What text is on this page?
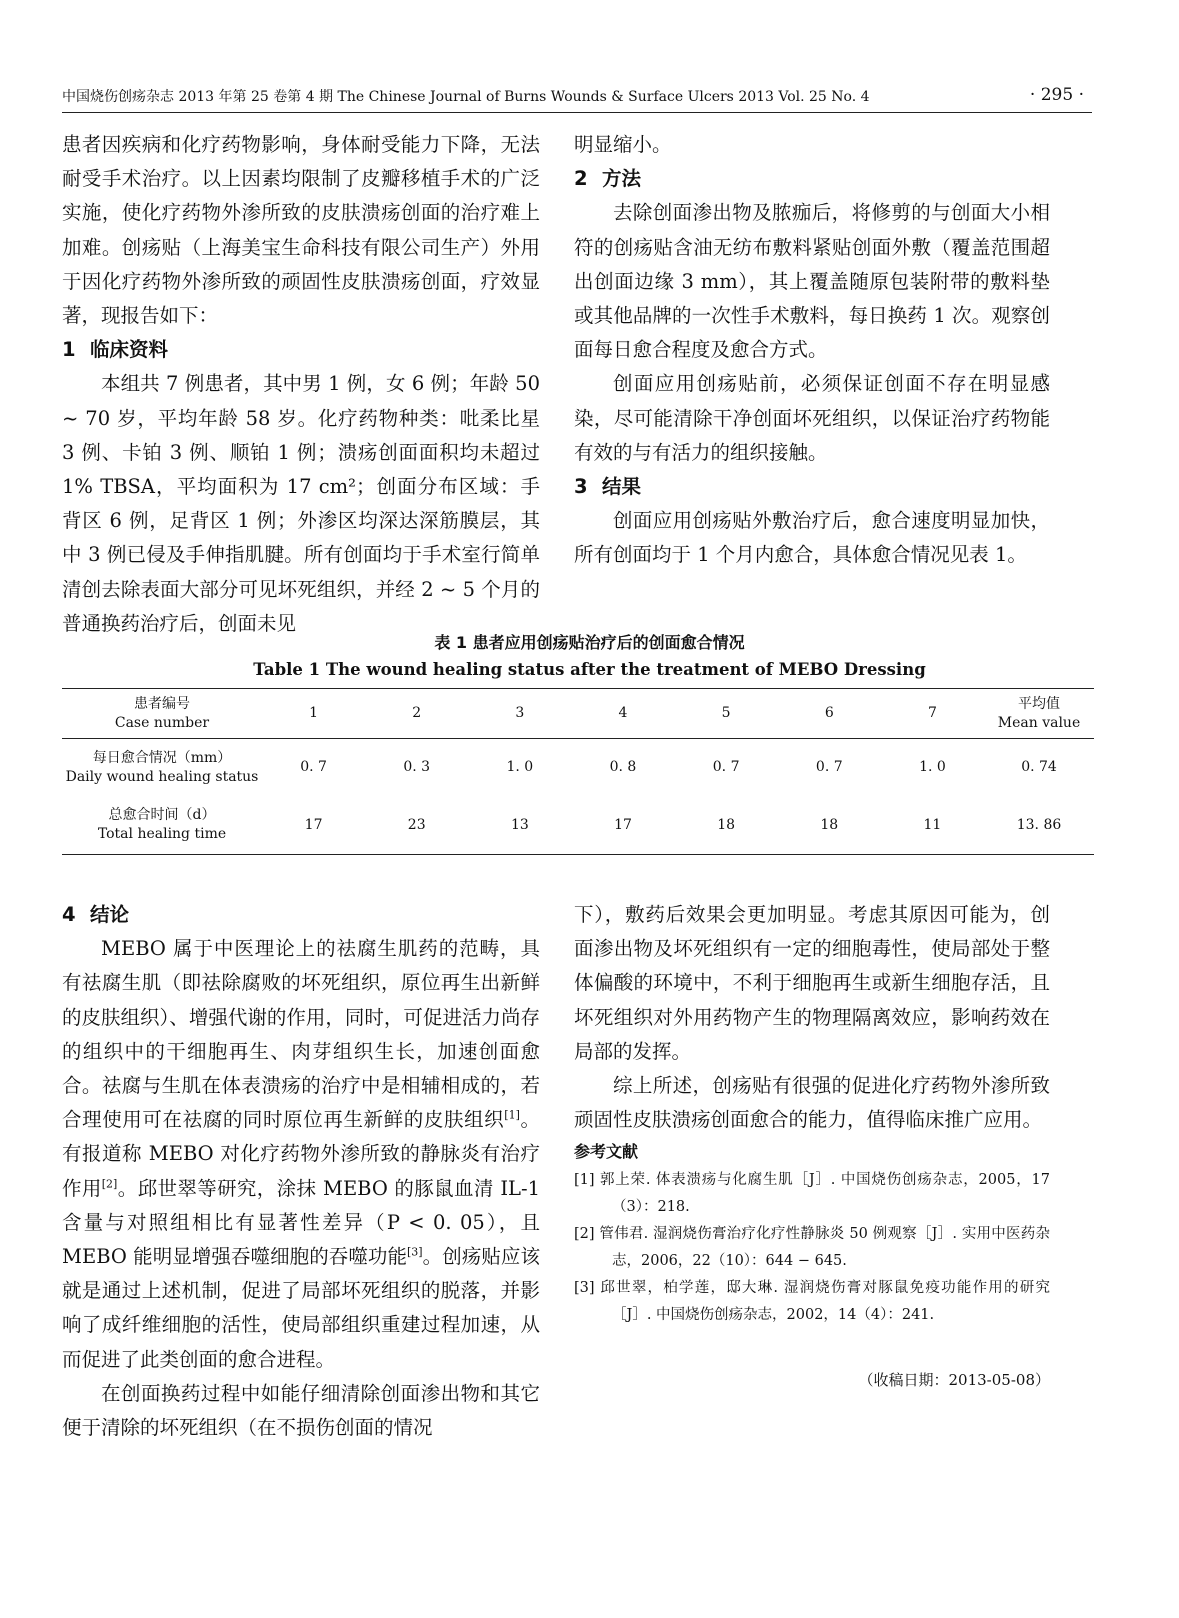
中国烧伤创疡杂志 2013 年第 25 卷第 4 期 The Chinese Journal of Burns Wounds & Surface Ulcers 2013 Vol. 25 No. 4	· 295 ·

患者因疾病和化疗药物影响，身体耐受能力下降，无法耐受手术治疗。以上因素均限制了皮瓣移植手术的广泛实施，使化疗药物外渗所致的皮肤溃疡创面的治疗难上加难。创疡贴（上海美宝生命科技有限公司生产）外用于因化疗药物外渗所致的顽固性皮肤溃疡创面，疗效显著，现报告如下：

1 临床资料

本组共 7 例患者，其中男 1 例，女 6 例；年龄 50 ~ 70 岁，平均年龄 58 岁。化疗药物种类：吡柔比星 3 例、卡铂 3 例、顺铂 1 例；溃疡创面面积均未超过 1% TBSA，平均面积为 17 cm²；创面分布区域：手背区 6 例，足背区 1 例；外渗区均深达深筋膜层，其中 3 例已侵及手伸指肌腱。所有创面均于手术室行简单清创去除表面大部分可见坏死组织，并经 2 ~ 5 个月的普通换药治疗后，创面未见

明显缩小。

2 方法

去除创面渗出物及脓痂后，将修剪的与创面大小相符的创疡贴含油无纺布敷料紧贴创面外敷（覆盖范围超出创面边缘 3 mm），其上覆盖随原包装附带的敷料垫或其他品牌的一次性手术敷料，每日换药 1 次。观察创面每日愈合程度及愈合方式。

创面应用创疡贴前，必须保证创面不存在明显感染，尽可能清除干净创面坏死组织，以保证治疗药物能有效的与有活力的组织接触。

3 结果

创面应用创疡贴外敷治疗后，愈合速度明显加快，所有创面均于 1 个月内愈合，具体愈合情况见表 1。

表 1 患者应用创疡贴治疗后的创面愈合情况
Table 1 The wound healing status after the treatment of MEBO Dressing
患者编号
Case number	1	2	3	4	5	6	7	平均值
Mean value
每日愈合情况（mm）
Daily wound healing status	0. 7	0. 3	1. 0	0. 8	0. 7	0. 7	1. 0	0. 74
总愈合时间（d）
Total healing time	17	23	13	17	18	18	11	13. 86
4 结论

MEBO 属于中医理论上的祛腐生肌药的范畴，具有祛腐生肌（即祛除腐败的坏死组织，原位再生出新鲜的皮肤组织）、增强代谢的作用，同时，可促进活力尚存的组织中的干细胞再生、肉芽组织生长，加速创面愈合。祛腐与生肌在体表溃疡的治疗中是相辅相成的，若合理使用可在祛腐的同时原位再生新鲜的皮肤组织[1]。有报道称 MEBO 对化疗药物外渗所致的静脉炎有治疗作用[2]。邱世翠等研究，涂抹 MEBO 的豚鼠血清 IL-1 含量与对照组相比有显著性差异（P < 0. 05），且 MEBO 能明显增强吞噬细胞的吞噬功能[3]。创疡贴应该就是通过上述机制，促进了局部坏死组织的脱落，并影响了成纤维细胞的活性，使局部组织重建过程加速，从而促进了此类创面的愈合进程。

在创面换药过程中如能仔细清除创面渗出物和其它便于清除的坏死组织（在不损伤创面的情况

下），敷药后效果会更加明显。考虑其原因可能为，创面渗出物及坏死组织有一定的细胞毒性，使局部处于整体偏酸的环境中，不利于细胞再生或新生细胞存活，且坏死组织对外用药物产生的物理隔离效应，影响药效在局部的发挥。

综上所述，创疡贴有很强的促进化疗药物外渗所致顽固性皮肤溃疡创面愈合的能力，值得临床推广应用。

参考文献
[1] 郭上荣. 体表溃疡与化腐生肌［J］. 中国烧伤创疡杂志，2005，17（3）：218.
[2] 管伟君. 湿润烧伤膏治疗化疗性静脉炎 50 例观察［J］. 实用中医药杂志，2006，22（10）：644 − 645.
[3] 邱世翠，柏学莲，邸大琳. 湿润烧伤膏对豚鼠免疫功能作用的研究［J］. 中国烧伤创疡杂志，2002，14（4）：241.
（收稿日期：2013-05-08）
